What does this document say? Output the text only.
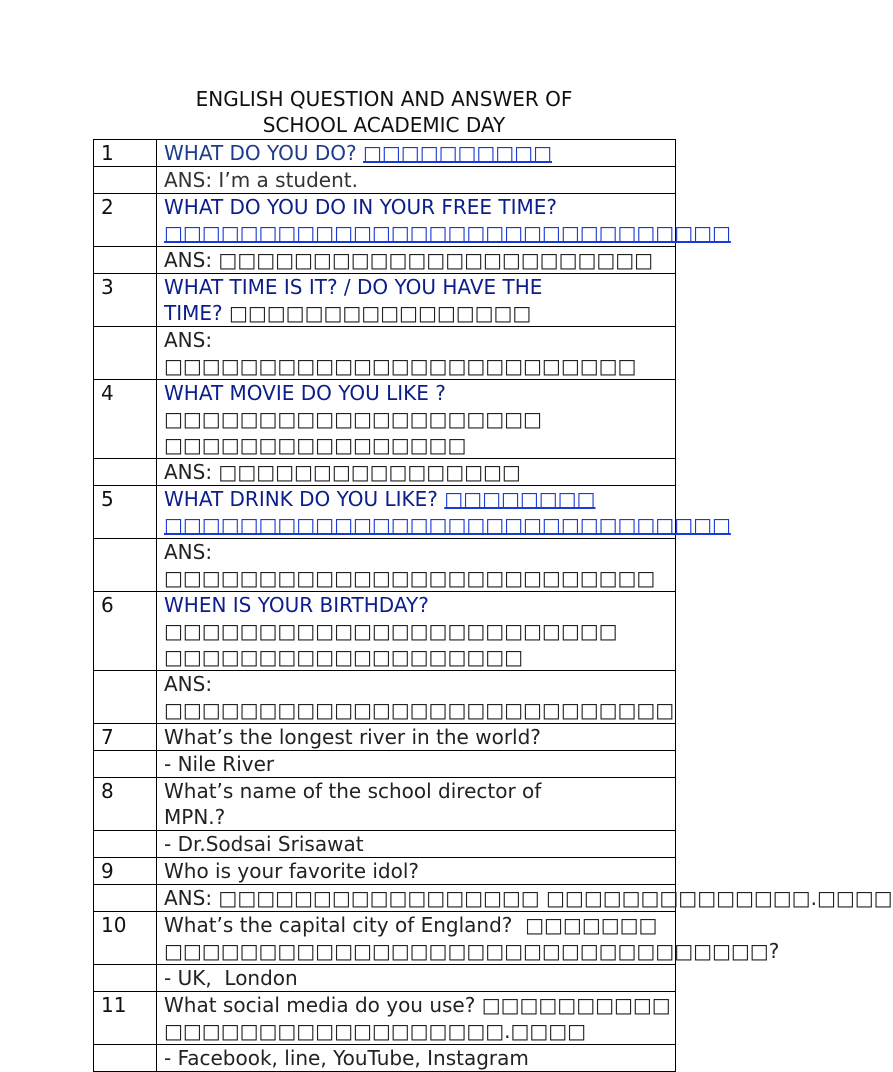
ENGLISH QUESTION AND ANSWER OF
SCHOOL ACADEMIC DAY
1	WHAT DO YOU DO? □□□□□□□□□□
	ANS: I’m a student.
2	WHAT DO YOU DO IN YOUR FREE TIME?
□□□□□□□□□□□□□□□□□□□□□□□□□□□□□□

	ANS: □□□□□□□□□□□□□□□□□□□□□□□
3	WHAT TIME IS IT? / DO YOU HAVE THE
TIME? □□□□□□□□□□□□□□□□

	ANS: □□□□□□□□□□□□□□□□□□□□□□□□□
4	WHAT MOVIE DO YOU LIKE ? □□□□□□□□□□□□□□□□□□□□
□□□□□□□□□□□□□□□□

	ANS: □□□□□□□□□□□□□□□□
5	WHAT DRINK DO YOU LIKE? □□□□□□□□
□□□□□□□□□□□□□□□□□□□□□□□□□□□□□□

	ANS: □□□□□□□□□□□□□□□□□□□□□□□□□□
6	WHEN IS YOUR BIRTHDAY? □□□□□□□□□□□□□□□□□□□□□□□□
□□□□□□□□□□□□□□□□□□□

	ANS: □□□□□□□□□□□□□□□□□□□□□□□□□□□
7	What’s the longest river in the world?
	- Nile River
8	What’s name of the school director of
MPN.?

	- Dr.Sodsai Srisawat
9	Who is your favorite idol?
	ANS: □□□□□□□□□□□□□□□□□ □□□□□□□□□□□□□□.□□□□
10	What’s the capital city of England? □□□□□□□
□□□□□□□□□□□□□□□□□□□□□□□□□□□□□□□□?

	- UK,  London
11	What social media do you use? □□□□□□□□□□
□□□□□□□□□□□□□□□□□□.□□□□

	- Facebook, line, YouTube, Instagram
